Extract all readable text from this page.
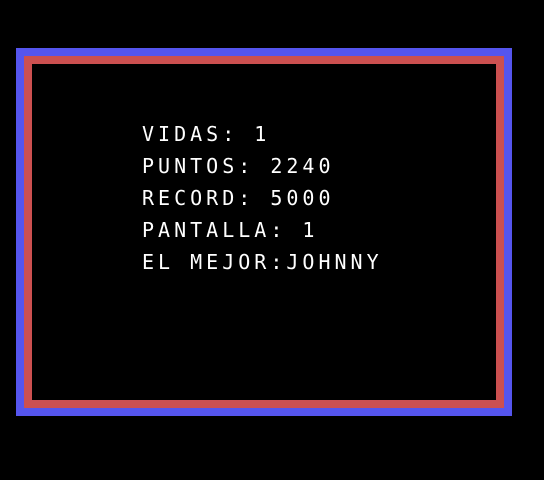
VIDAS: 1

PUNTOS: 2240

RECORD: 5000

PANTALLA: 1

EL MEJOR:JOHNNY
